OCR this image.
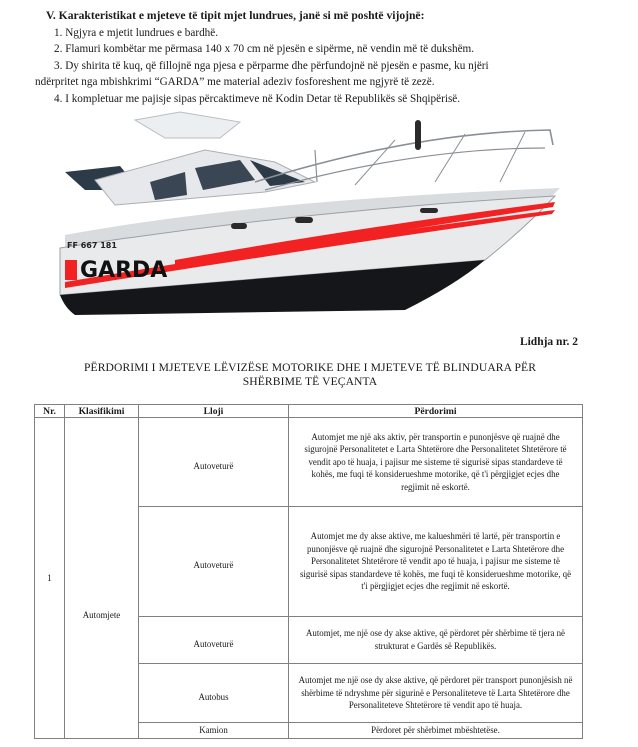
V. Karakteristikat e mjeteve të tipit mjet lundrues, janë si më poshtë vijojnë:
1. Ngjyra e mjetit lundrues e bardhë.
2. Flamuri kombëtar me përmasa 140 x 70 cm në pjesën e sipërme, në vendin më të dukshëm.
3. Dy shirita të kuq, që fillojnë nga pjesa e përparme dhe përfundojnë në pjesën e pasme, ku njëri
ndërpritet nga mbishkrimi “GARDA” me material adeziv fosforeshent me ngjyrë të zezë.
4. I kompletuar me pajisje sipas përcaktimeve në Kodin Detar të Republikës së Shqipërisë.
FF 667 181
GARDA
Lidhja nr. 2
PËRDORIMI I MJETEVE LËVIZËSE MOTORIKE DHE I MJETEVE TË BLINDUARA PËR
SHËRBIME TË VEÇANTA
Nr.	Klasifikimi	Lloji	Përdorimi
1	Automjete	Autoveturë	Automjet me një aks aktiv, për transportin e punonjësve që ruajnë dhe sigurojnë Personalitetet e Larta Shtetërore dhe Personalitetet Shtetërore të vendit apo të huaja, i pajisur me sisteme të sigurisë sipas standardeve të kohës, me fuqi të konsiderueshme motorike, që t'i përgjigjet ecjes dhe regjimit në eskortë.
		Autoveturë	Automjet me dy akse aktive, me kalueshmëri të lartë, për transportin e punonjësve që ruajnë dhe sigurojnë Personalitetet e Larta Shtetërore dhe Personalitetet Shtetërore të vendit apo të huaja, i pajisur me sisteme të sigurisë sipas standardeve të kohës, me fuqi të konsiderueshme motorike, që t'i përgjigjet ecjes dhe regjimit në eskortë.
		Autoveturë	Automjet, me një ose dy akse aktive, që përdoret për shërbime të tjera në strukturat e Gardës së Republikës.
		Autobus	Automjet me një ose dy akse aktive, që përdoret për transport punonjësish në shërbime të ndryshme për sigurinë e Personaliteteve të Larta Shtetërore dhe Personaliteteve Shtetërore të vendit apo të huaja.
		Kamion	Përdoret për shërbimet mbështetëse.
